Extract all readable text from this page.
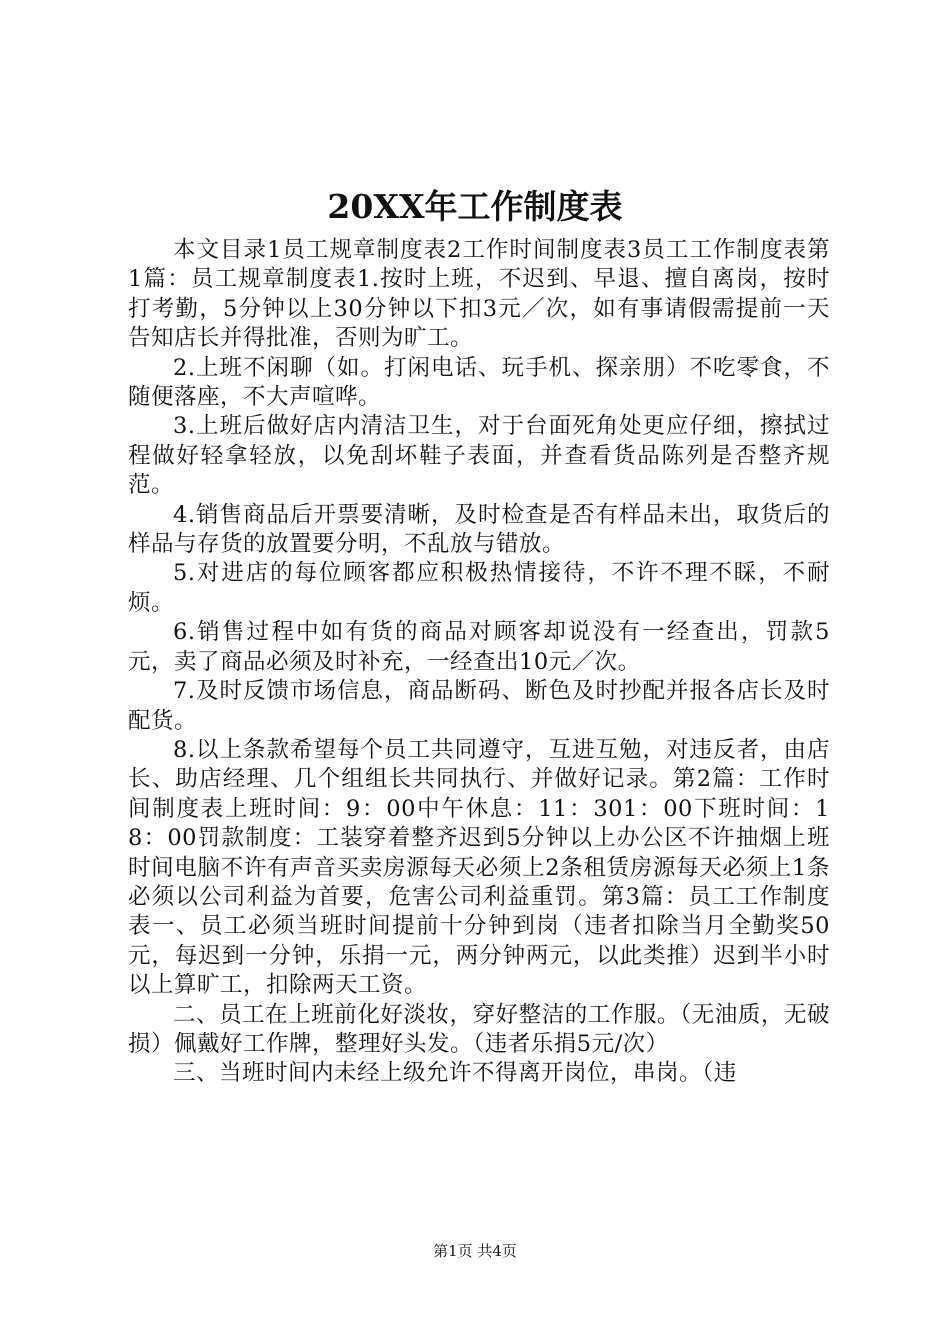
20XX年工作制度表

本文目录1员工规章制度表2工作时间制度表3员工工作制度表第1篇：员工规章制度表1.按时上班，不迟到、早退、擅自离岗，按时打考勤，5分钟以上30分钟以下扣3元／次，如有事请假需提前一天告知店长并得批准，否则为旷工。

2.上班不闲聊（如。打闲电话、玩手机、探亲朋）不吃零食，不随便落座，不大声喧哗。

3.上班后做好店内清洁卫生，对于台面死角处更应仔细，擦拭过程做好轻拿轻放，以免刮坏鞋子表面，并查看货品陈列是否整齐规范。

4.销售商品后开票要清晰，及时检查是否有样品未出，取货后的样品与存货的放置要分明，不乱放与错放。

5.对进店的每位顾客都应积极热情接待，不许不理不睬，不耐烦。

6.销售过程中如有货的商品对顾客却说没有一经查出，罚款5元，卖了商品必须及时补充，一经查出10元／次。

7.及时反馈市场信息，商品断码、断色及时抄配并报各店长及时配货。

8.以上条款希望每个员工共同遵守，互进互勉，对违反者，由店长、助店经理、几个组组长共同执行、并做好记录。第2篇：工作时间制度表上班时间：9：00中午休息：11：301：00下班时间：18：00罚款制度：工装穿着整齐迟到5分钟以上办公区不许抽烟上班时间电脑不许有声音买卖房源每天必须上2条租赁房源每天必须上1条必须以公司利益为首要，危害公司利益重罚。第3篇：员工工作制度表一、员工必须当班时间提前十分钟到岗（违者扣除当月全勤奖50元，每迟到一分钟，乐捐一元，两分钟两元，以此类推）迟到半小时以上算旷工，扣除两天工资。

二、员工在上班前化好淡妆，穿好整洁的工作服。（无油质，无破损）佩戴好工作牌，整理好头发。（违者乐捐5元/次）

三、当班时间内未经上级允许不得离开岗位，串岗。（违

第1页 共4页
